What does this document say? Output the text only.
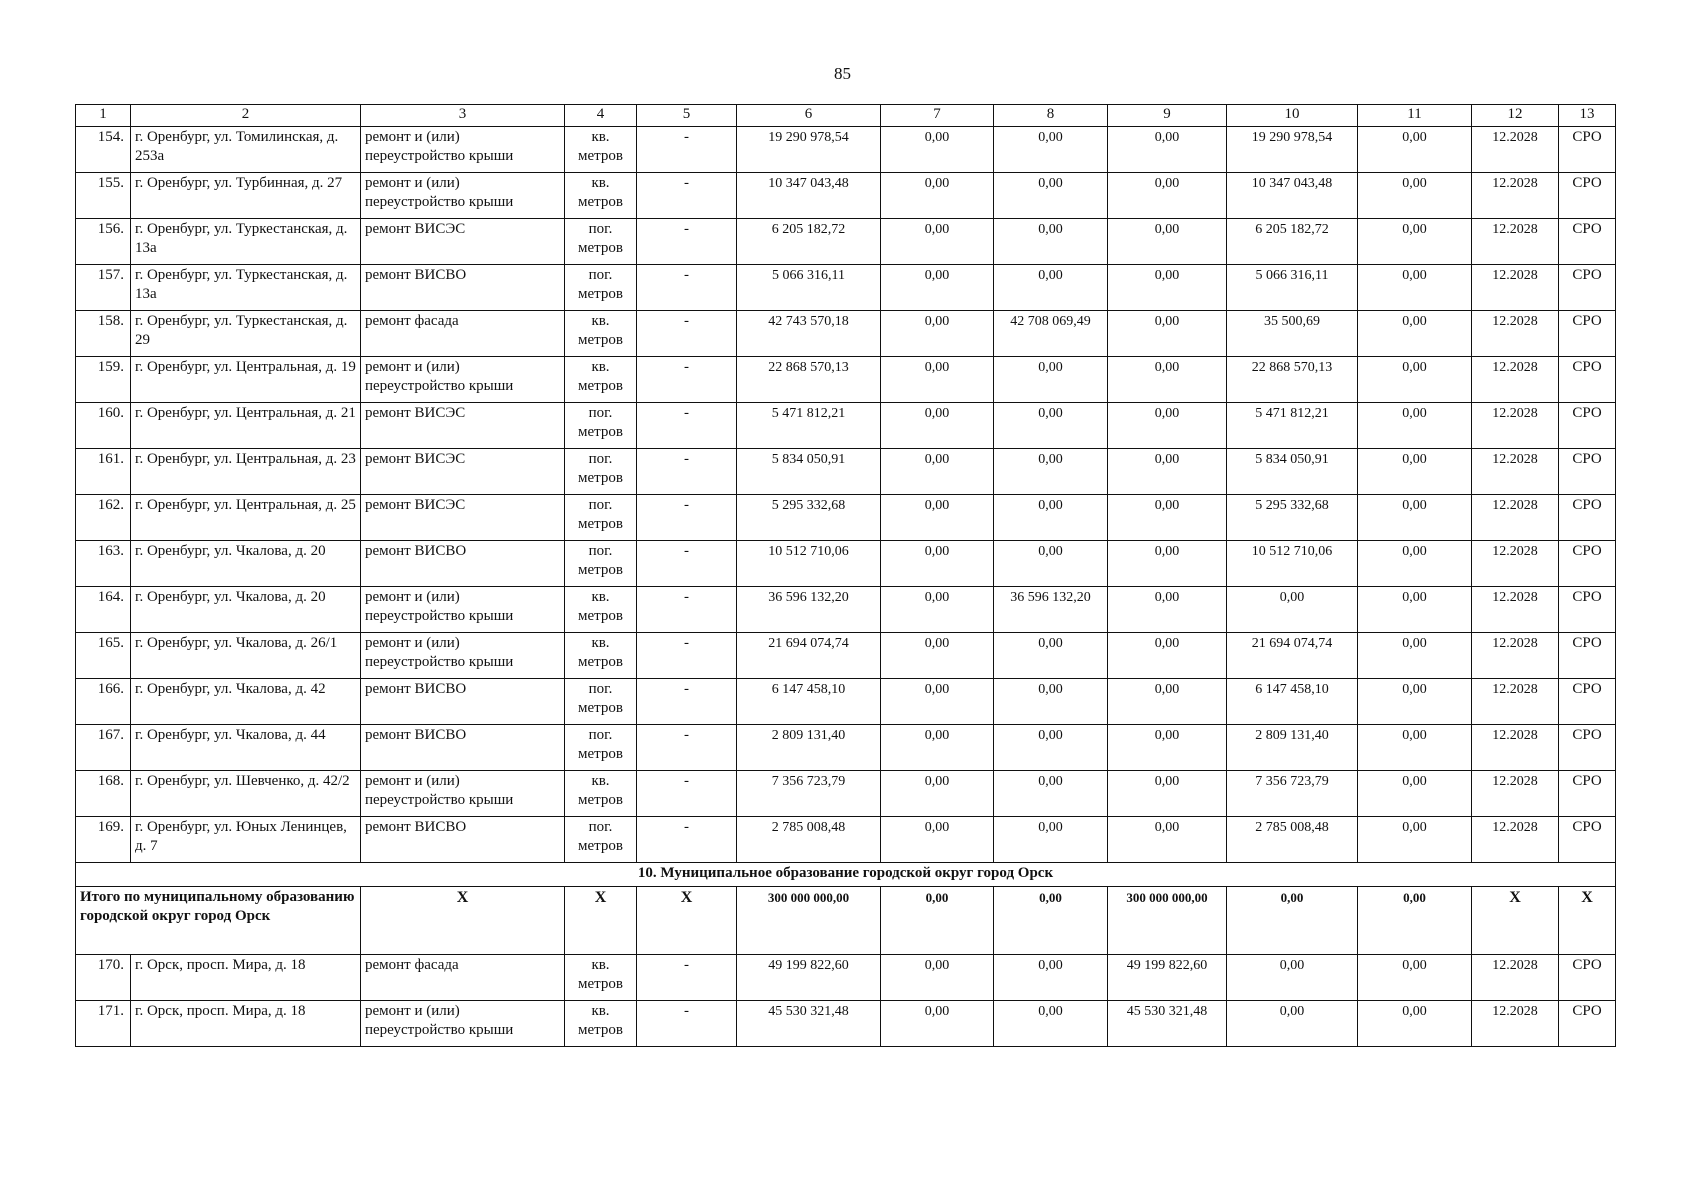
85
1	2	3	4	5	6	7	8	9	10	11	12	13
154.	г. Оренбург, ул. Томилинская, д. 253а	ремонт и (или) переустройство крыши	кв. метров	-	19 290 978,54	0,00	0,00	0,00	19 290 978,54	0,00	12.2028	СРО
155.	г. Оренбург, ул. Турбинная, д. 27	ремонт и (или) переустройство крыши	кв. метров	-	10 347 043,48	0,00	0,00	0,00	10 347 043,48	0,00	12.2028	СРО
156.	г. Оренбург, ул. Туркестанская, д. 13а	ремонт ВИСЭС	пог. метров	-	6 205 182,72	0,00	0,00	0,00	6 205 182,72	0,00	12.2028	СРО
157.	г. Оренбург, ул. Туркестанская, д. 13а	ремонт ВИСВО	пог. метров	-	5 066 316,11	0,00	0,00	0,00	5 066 316,11	0,00	12.2028	СРО
158.	г. Оренбург, ул. Туркестанская, д. 29	ремонт фасада	кв. метров	-	42 743 570,18	0,00	42 708 069,49	0,00	35 500,69	0,00	12.2028	СРО
159.	г. Оренбург, ул. Центральная, д. 19	ремонт и (или) переустройство крыши	кв. метров	-	22 868 570,13	0,00	0,00	0,00	22 868 570,13	0,00	12.2028	СРО
160.	г. Оренбург, ул. Центральная, д. 21	ремонт ВИСЭС	пог. метров	-	5 471 812,21	0,00	0,00	0,00	5 471 812,21	0,00	12.2028	СРО
161.	г. Оренбург, ул. Центральная, д. 23	ремонт ВИСЭС	пог. метров	-	5 834 050,91	0,00	0,00	0,00	5 834 050,91	0,00	12.2028	СРО
162.	г. Оренбург, ул. Центральная, д. 25	ремонт ВИСЭС	пог. метров	-	5 295 332,68	0,00	0,00	0,00	5 295 332,68	0,00	12.2028	СРО
163.	г. Оренбург, ул. Чкалова, д. 20	ремонт ВИСВО	пог. метров	-	10 512 710,06	0,00	0,00	0,00	10 512 710,06	0,00	12.2028	СРО
164.	г. Оренбург, ул. Чкалова, д. 20	ремонт и (или) переустройство крыши	кв. метров	-	36 596 132,20	0,00	36 596 132,20	0,00	0,00	0,00	12.2028	СРО
165.	г. Оренбург, ул. Чкалова, д. 26/1	ремонт и (или) переустройство крыши	кв. метров	-	21 694 074,74	0,00	0,00	0,00	21 694 074,74	0,00	12.2028	СРО
166.	г. Оренбург, ул. Чкалова, д. 42	ремонт ВИСВО	пог. метров	-	6 147 458,10	0,00	0,00	0,00	6 147 458,10	0,00	12.2028	СРО
167.	г. Оренбург, ул. Чкалова, д. 44	ремонт ВИСВО	пог. метров	-	2 809 131,40	0,00	0,00	0,00	2 809 131,40	0,00	12.2028	СРО
168.	г. Оренбург, ул. Шевченко, д. 42/2	ремонт и (или) переустройство крыши	кв. метров	-	7 356 723,79	0,00	0,00	0,00	7 356 723,79	0,00	12.2028	СРО
169.	г. Оренбург, ул. Юных Ленинцев, д. 7	ремонт ВИСВО	пог. метров	-	2 785 008,48	0,00	0,00	0,00	2 785 008,48	0,00	12.2028	СРО
10. Муниципальное образование городской округ город Орск												
Итого по муниципальному образованию городской округ город Орск		Х	Х	Х	300 000 000,00	0,00	0,00	300 000 000,00	0,00	0,00	Х	Х
170.	г. Орск, просп. Мира, д. 18	ремонт фасада	кв. метров	-	49 199 822,60	0,00	0,00	49 199 822,60	0,00	0,00	12.2028	СРО
171.	г. Орск, просп. Мира, д. 18	ремонт и (или) переустройство крыши	кв. метров	-	45 530 321,48	0,00	0,00	45 530 321,48	0,00	0,00	12.2028	СРО
